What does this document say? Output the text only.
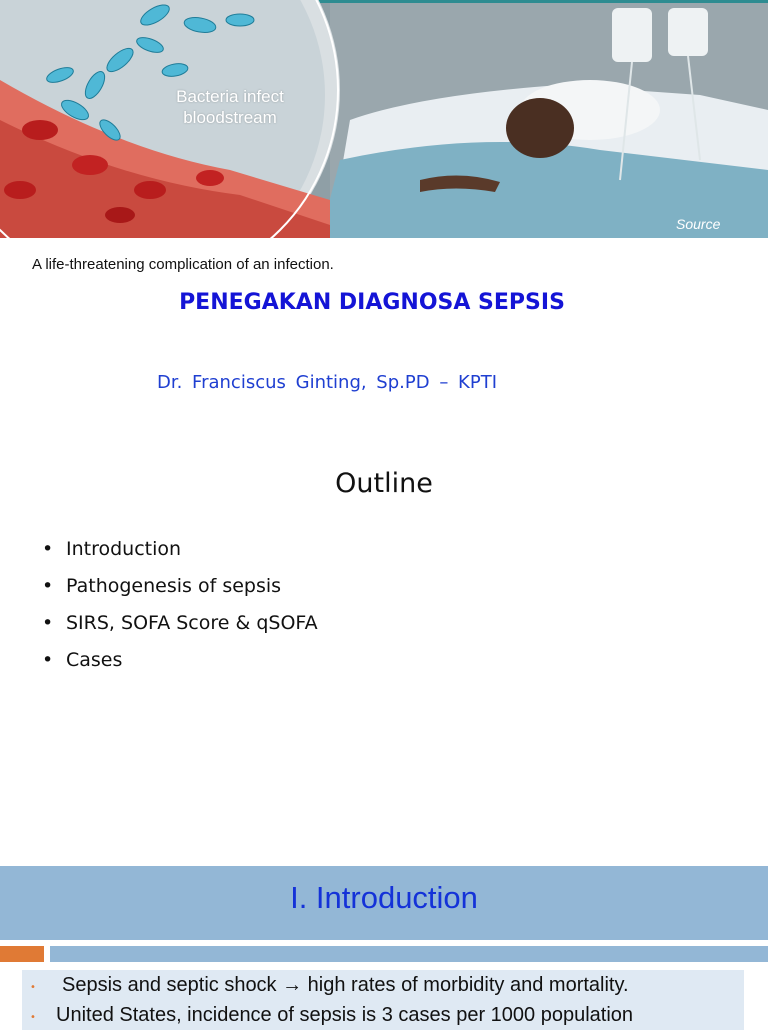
Bacteria infect
bloodstream
Source
A life-threatening complication of an infection.
PENEGAKAN DIAGNOSA SEPSIS
Dr. Franciscus Ginting, Sp.PD – KPTI
Outline
• Introduction
• Pathogenesis of sepsis
• SIRS, SOFA Score & qSOFA
• Cases
I. Introduction
• Sepsis and septic shock → high rates of morbidity and mortality.
• United States, incidence of sepsis is 3 cases per 1000 population
